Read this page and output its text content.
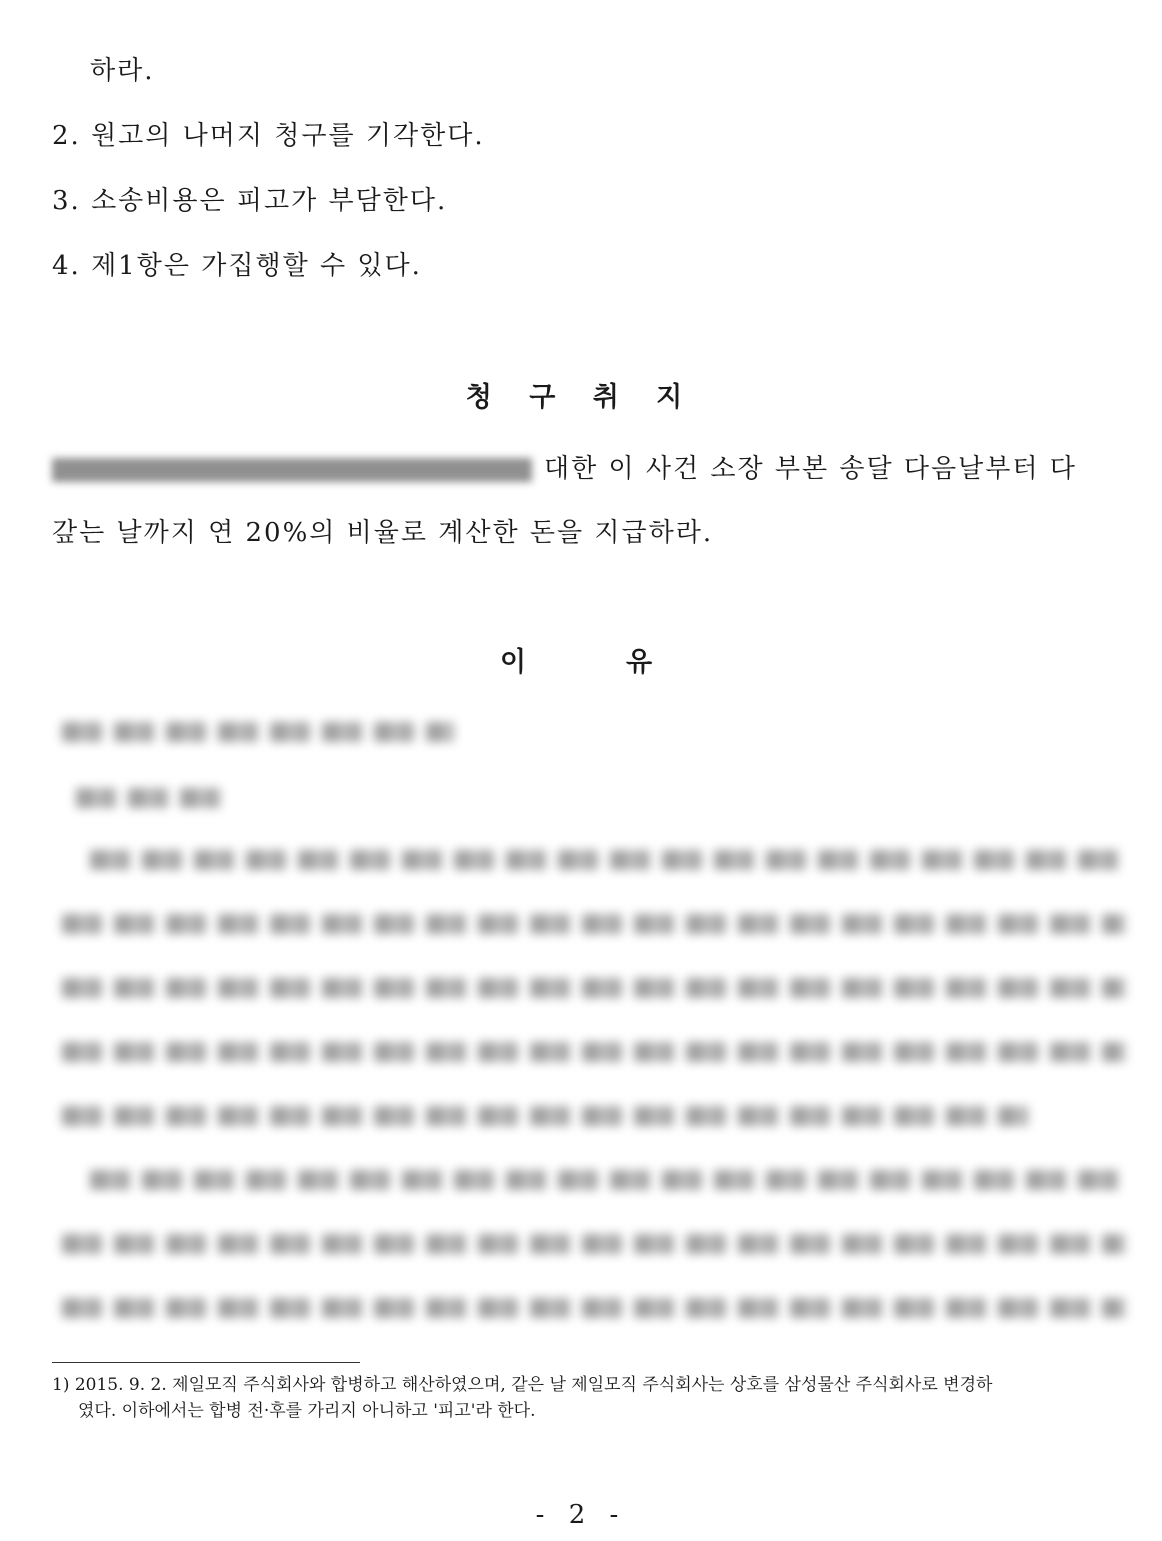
하라.
2. 원고의 나머지 청구를 기각한다.
3. 소송비용은 피고가 부담한다.
4. 제1항은 가집행할 수 있다.
청 구 취 지
대한 이 사건 소장 부본 송달 다음날부터 다
갚는 날까지 연 20%의 비율로 계산한 돈을 지급하라.
이	유
1) 2015. 9. 2. 제일모직 주식회사와 합병하고 해산하였으며, 같은 날 제일모직 주식회사는 상호를 삼성물산 주식회사로 변경하
였다. 이하에서는 합병 전·후를 가리지 아니하고 '피고'라 한다.
- 2 -
